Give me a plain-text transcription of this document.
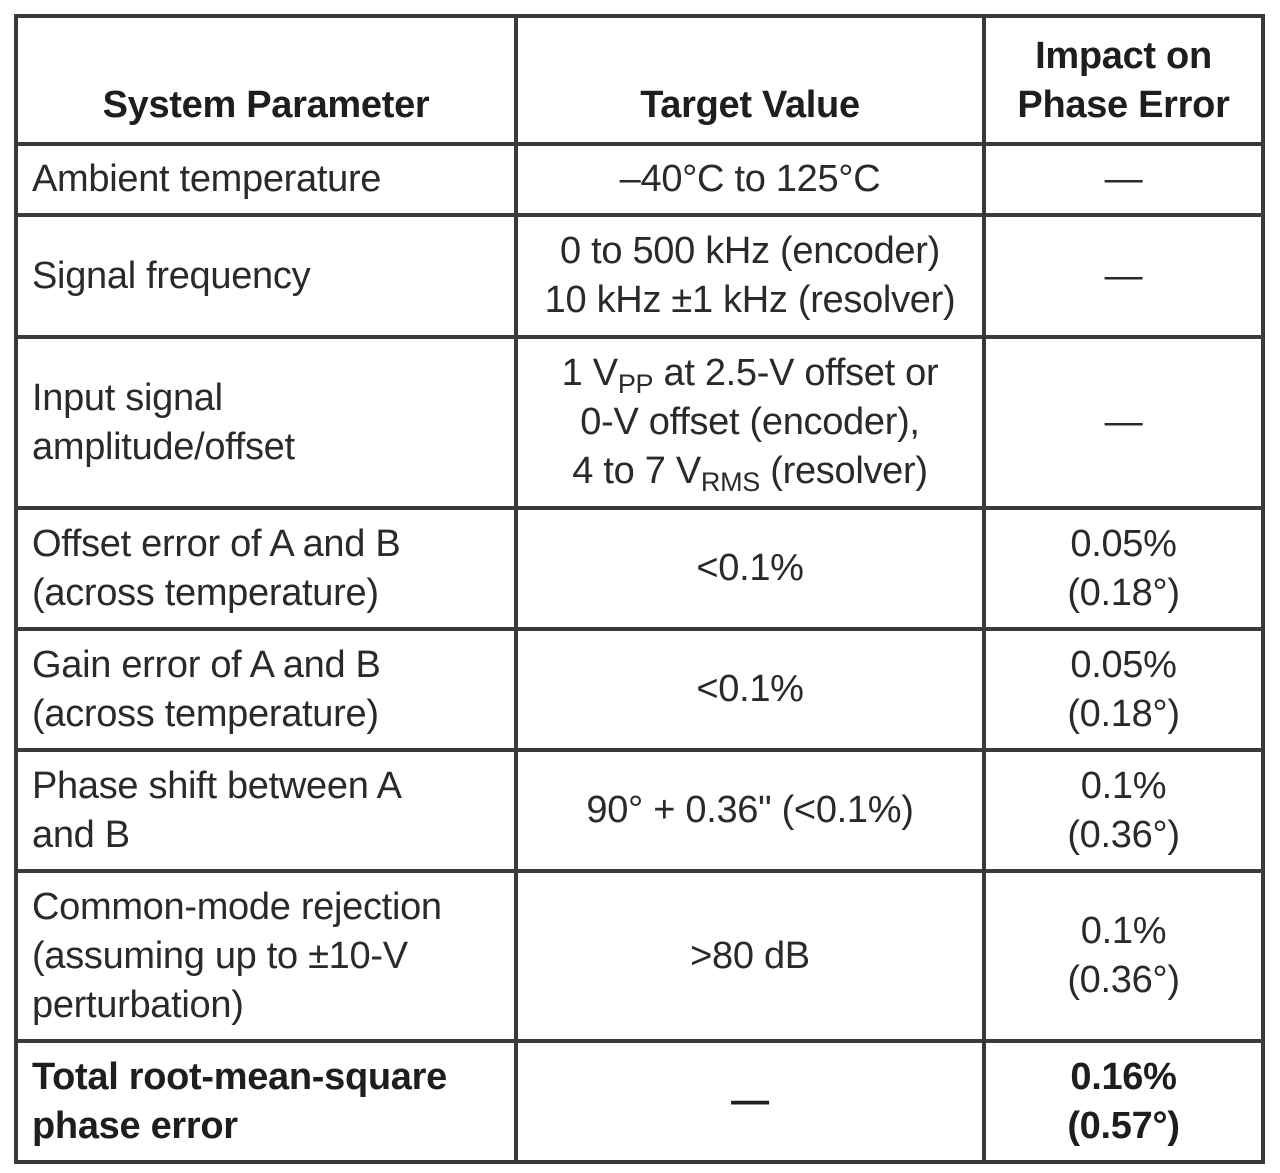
System Parameter	Target Value	Impact on
Phase Error

Ambient temperature	–40°C to 125°C	—

Signal frequency	0 to 500 kHz (encoder)
10 kHz ±1 kHz (resolver)	—

Input signal
amplitude/offset	1 $V_{PP}$ at 2.5-V offset or
0-V offset (encoder),
4 to 7 $V_{RMS}$ (resolver)	—

Offset error of A and B
(across temperature)	<0.1%	0.05%
(0.18°)

Gain error of A and B
(across temperature)	<0.1%	0.05%
(0.18°)

Phase shift between A
and B	90° + 0.36" (<0.1%)	0.1%
(0.36°)

Common-mode rejection
(assuming up to ±10-V
perturbation)	>80 dB	0.1%
(0.36°)

Total root-mean-square
phase error	—	0.16%
(0.57°)
